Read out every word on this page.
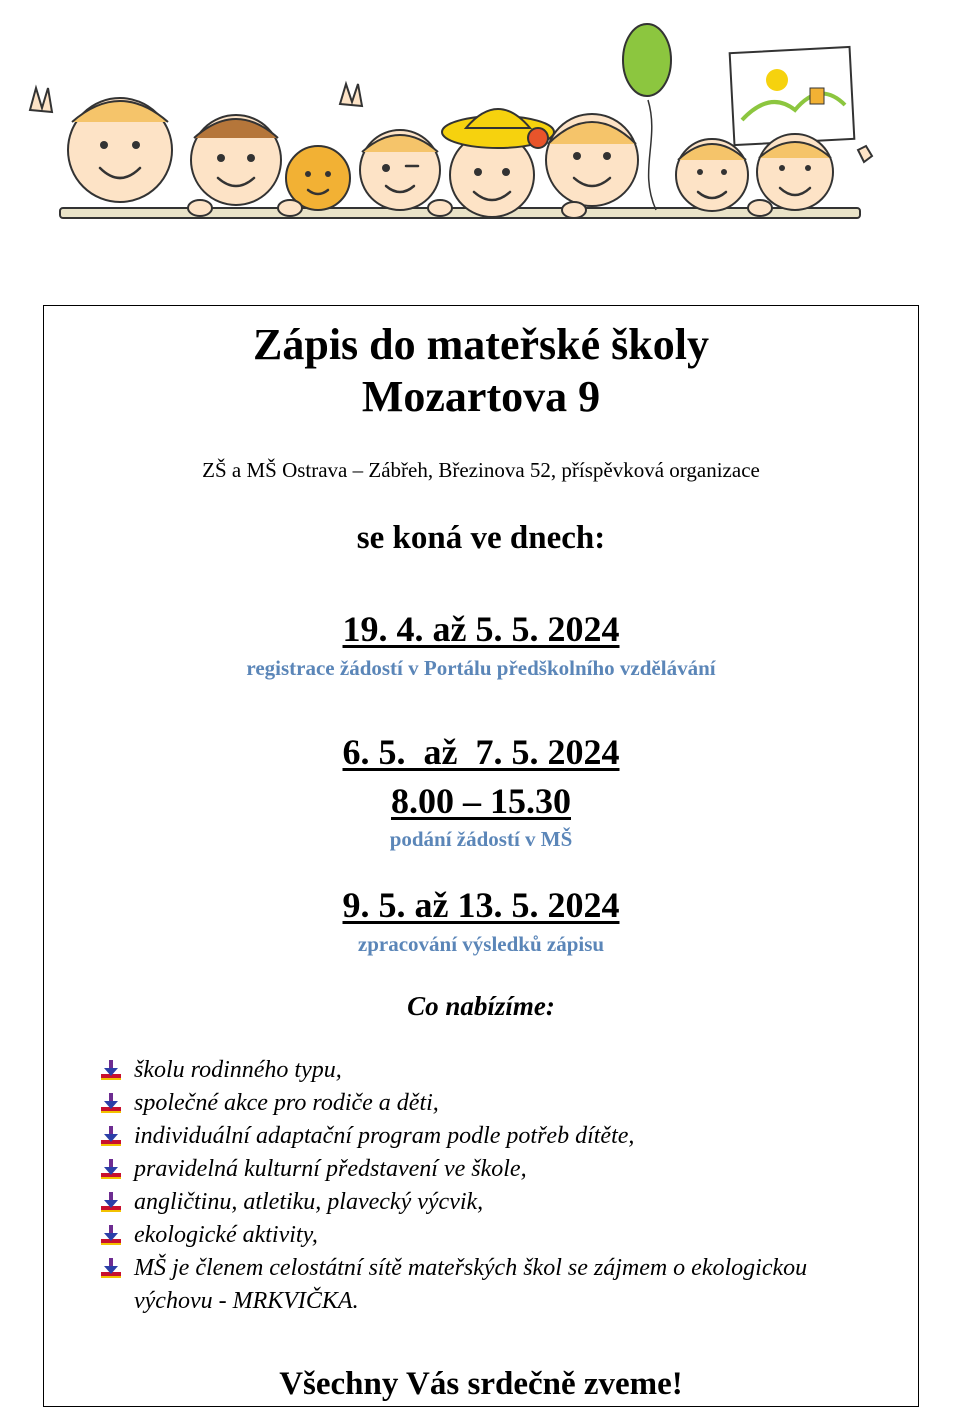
Zápis do mateřské školy
Mozartova 9
ZŠ a MŠ Ostrava – Zábřeh, Březinova 52, příspěvková organizace
se koná ve dnech:
19. 4. až 5. 5. 2024
registrace žádostí v Portálu předškolního vzdělávání
6. 5.  až  7. 5. 2024
8.00 – 15.30
podání žádostí v MŠ
9. 5. až 13. 5. 2024
zpracování výsledků zápisu
Co nabízíme:
školu rodinného typu,
společné akce pro rodiče a děti,
individuální adaptační program podle potřeb dítěte,
pravidelná kulturní představení ve škole,
angličtinu, atletiku, plavecký výcvik,
ekologické aktivity,
MŠ je členem celostátní sítě mateřských škol se zájmem o ekologickou výchovu - MRKVIČKA.
Všechny Vás srdečně zveme!
